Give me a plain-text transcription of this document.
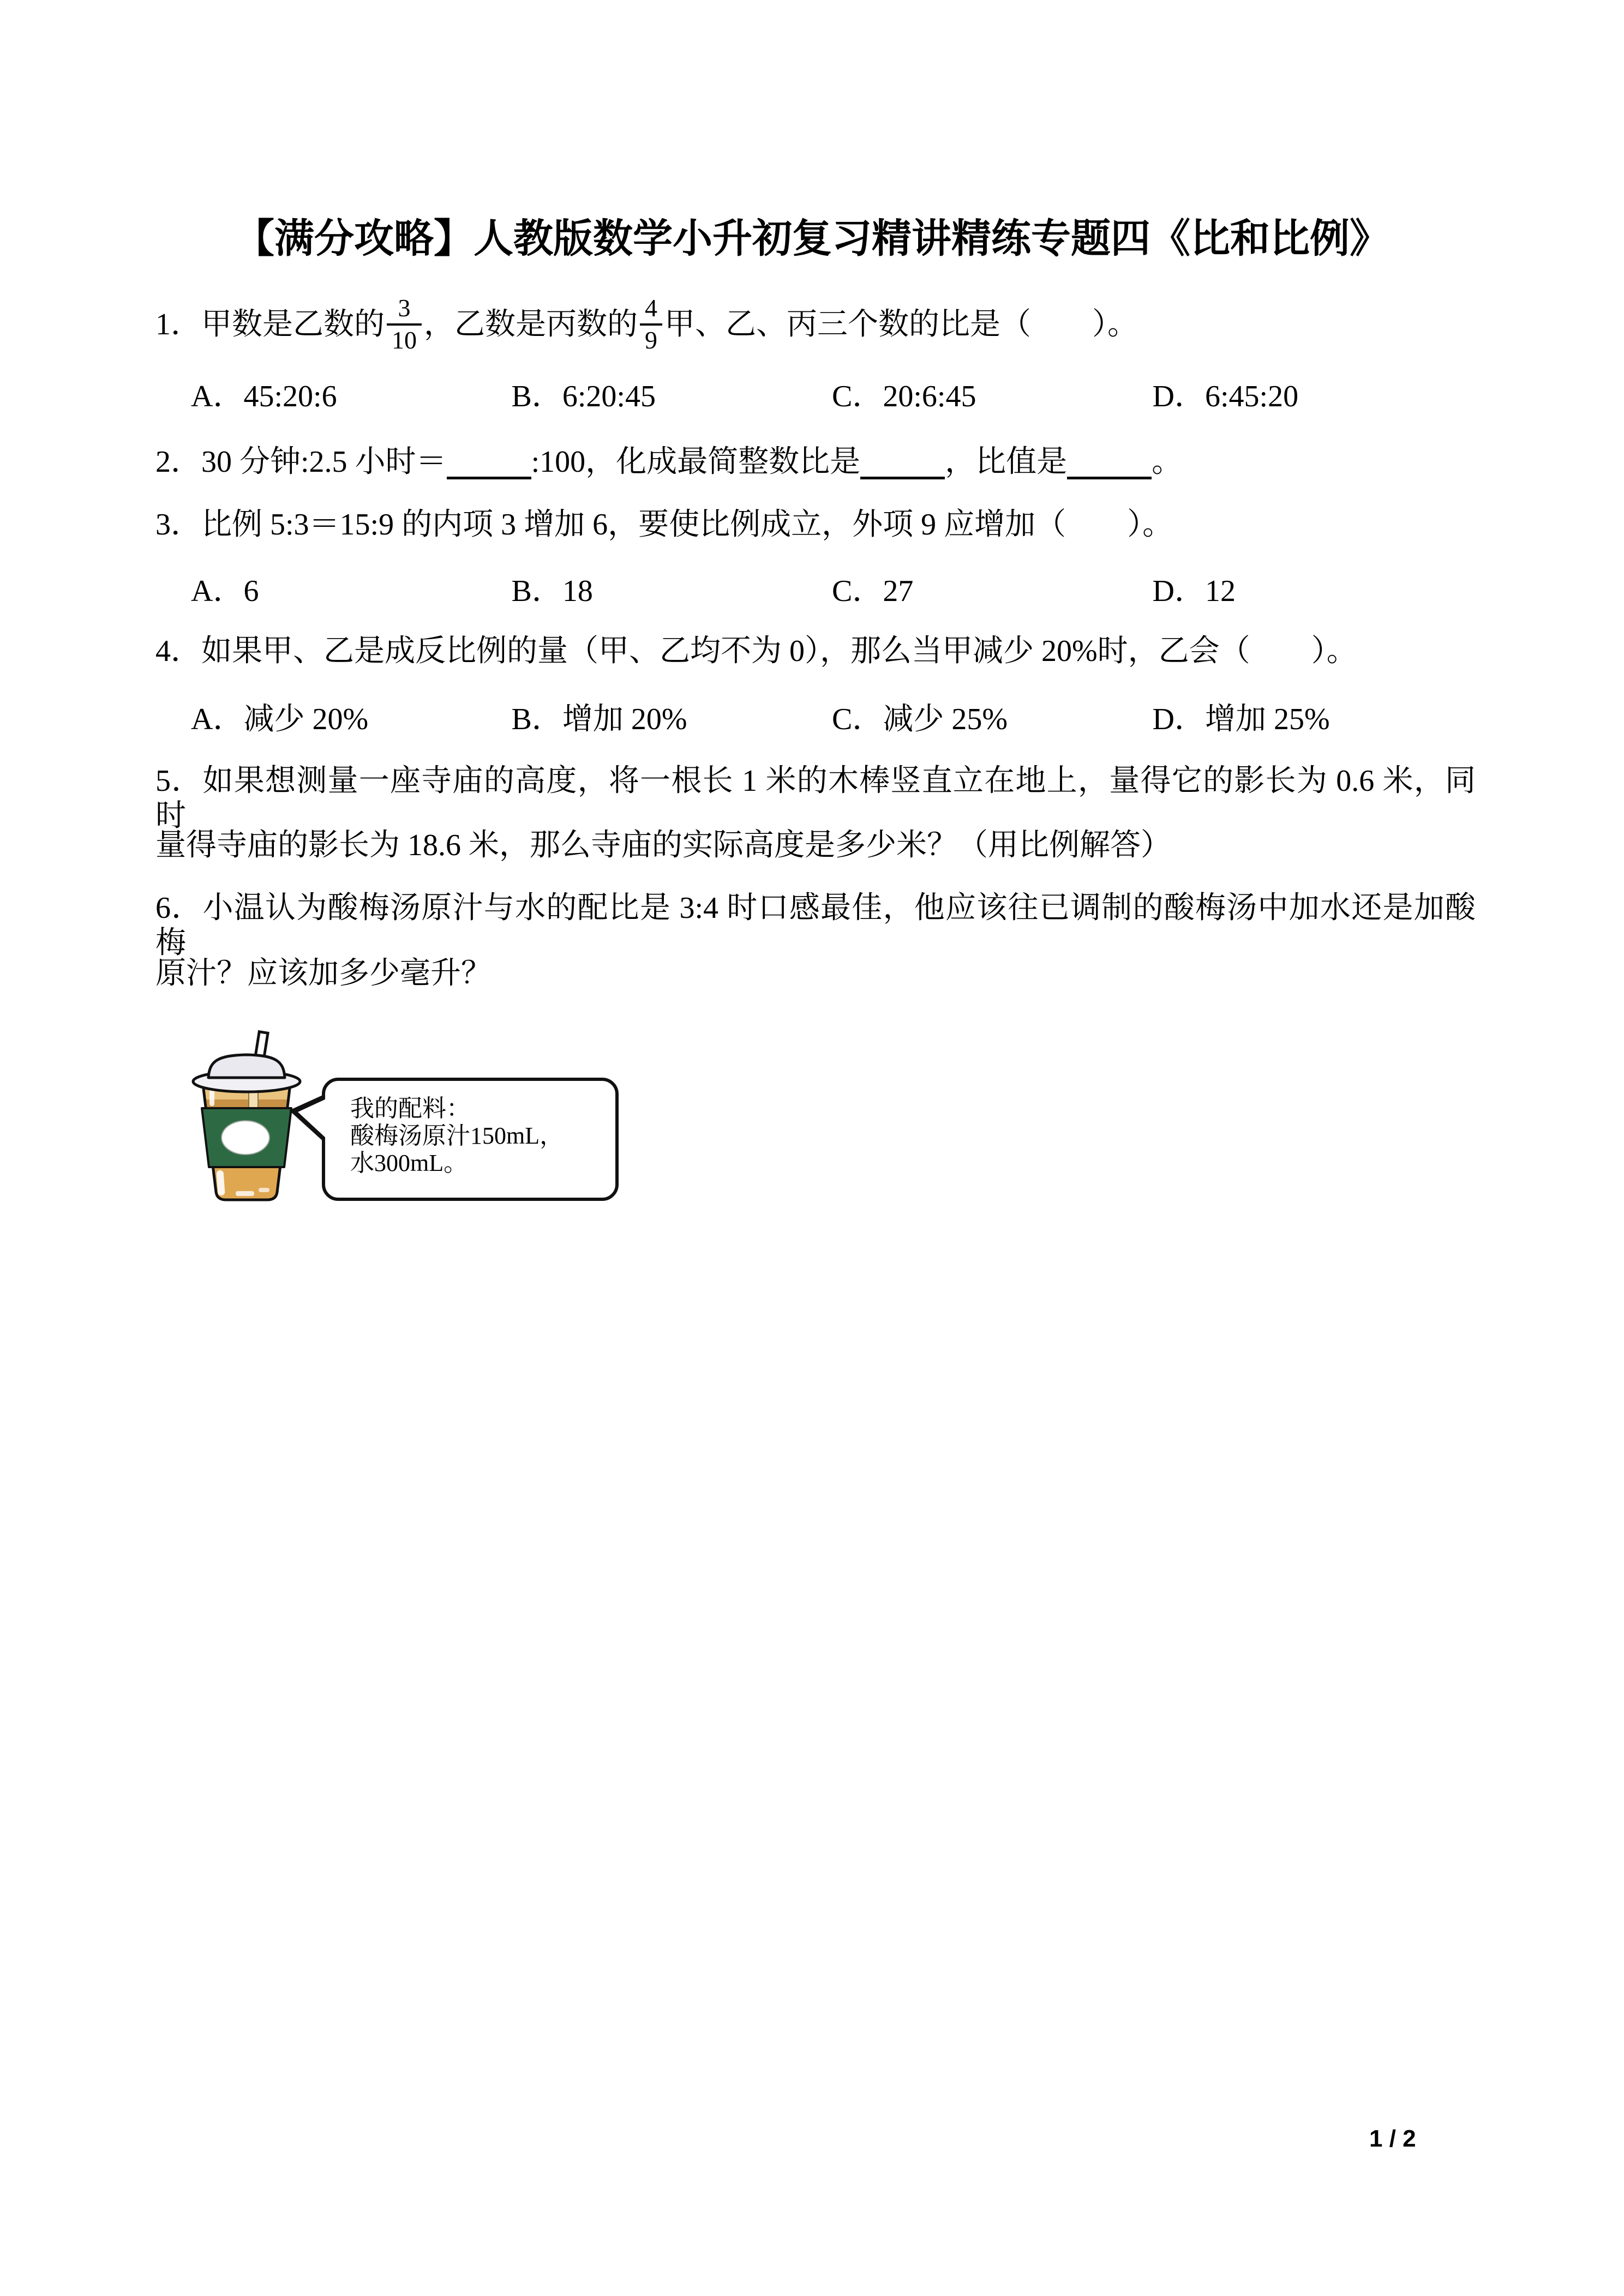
【满分攻略】人教版数学小升初复习精讲精练专题四《比和比例》
1． 甲数是乙数的 $\frac{3}{10}$ ，乙数是丙数的 $\frac{4}{9}$ 甲、乙、丙三个数的比是（　　）。
A．45:20:6	B．6:20:45	C．20:6:45	D．6:45:20
2．30 分钟:2.5 小时＝	:100，化成最简整数比是	，比值是	。
3．比例 5:3＝15:9 的内项 3 增加 6，要使比例成立，外项 9 应增加（　　）。
A．6	B．18	C．27	D．12
4．如果甲、乙是成反比例的量（甲、乙均不为 0），那么当甲减少 20%时，乙会（　　）。
A．减少 20%	B．增加 20%	C．减少 25%	D．增加 25%
5．如果想测量一座寺庙的高度，将一根长 1 米的木棒竖直立在地上，量得它的影长为 0.6 米，同时
量得寺庙的影长为 18.6 米，那么寺庙的实际高度是多少米？（用比例解答）
6．小温认为酸梅汤原汁与水的配比是 3:4 时口感最佳，他应该往已调制的酸梅汤中加水还是加酸梅
原汁？应该加多少毫升？
我的配料：
酸梅汤原汁150mL，
水300mL。
1 / 2
